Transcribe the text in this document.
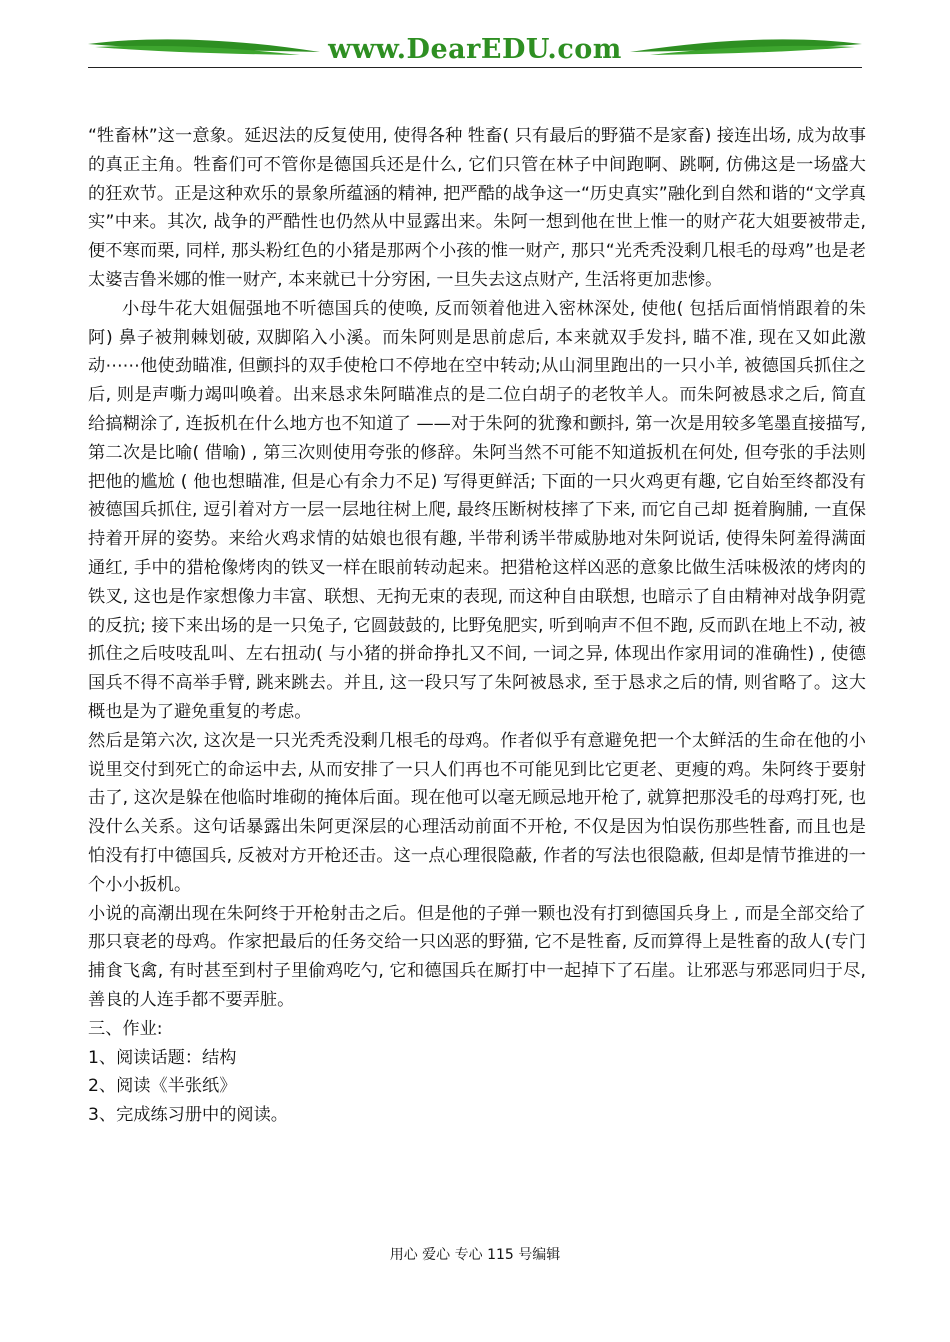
www.DearEDU.com

“牲畜林”这一意象。延迟法的反复使用, 使得各种 牲畜( 只有最后的野猫不是家畜) 接连出场, 成为故事的真正主角。牲畜们可不管你是德国兵还是什么, 它们只管在林子中间跑啊、跳啊, 仿佛这是一场盛大的狂欢节。正是这种欢乐的景象所蕴涵的精神, 把严酷的战争这一“历史真实”融化到自然和谐的“文学真实”中来。其次, 战争的严酷性也仍然从中显露出来。朱阿一想到他在世上惟一的财产花大姐要被带走, 便不寒而栗, 同样, 那头粉红色的小猪是那两个小孩的惟一财产, 那只“光秃秃没剩几根毛的母鸡”也是老太婆吉鲁米娜的惟一财产, 本来就已十分穷困, 一旦失去这点财产, 生活将更加悲惨。

小母牛花大姐倔强地不听德国兵的使唤, 反而领着他进入密林深处, 使他( 包括后面悄悄跟着的朱阿) 鼻子被荆棘划破, 双脚陷入小溪。而朱阿则是思前虑后, 本来就双手发抖, 瞄不准, 现在又如此激动⋯⋯他使劲瞄准, 但颤抖的双手使枪口不停地在空中转动;从山洞里跑出的一只小羊, 被德国兵抓住之后, 则是声嘶力竭叫唤着。出来恳求朱阿瞄准点的是二位白胡子的老牧羊人。而朱阿被恳求之后, 简直给搞糊涂了, 连扳机在什么地方也不知道了 ——对于朱阿的犹豫和颤抖, 第一次是用较多笔墨直接描写, 第二次是比喻( 借喻) , 第三次则使用夸张的修辞。朱阿当然不可能不知道扳机在何处, 但夸张的手法则把他的尴尬 ( 他也想瞄准, 但是心有余力不足) 写得更鲜活; 下面的一只火鸡更有趣, 它自始至终都没有被德国兵抓住, 逗引着对方一层一层地往树上爬, 最终压断树枝摔了下来, 而它自己却 挺着胸脯, 一直保持着开屏的姿势。来给火鸡求情的姑娘也很有趣, 半带利诱半带威胁地对朱阿说话, 使得朱阿羞得满面通红, 手中的猎枪像烤肉的铁叉一样在眼前转动起来。把猎枪这样凶恶的意象比做生活味极浓的烤肉的铁叉, 这也是作家想像力丰富、联想、无拘无束的表现, 而这种自由联想, 也暗示了自由精神对战争阴霓的反抗; 接下来出场的是一只兔子, 它圆鼓鼓的, 比野兔肥实, 听到响声不但不跑, 反而趴在地上不动, 被抓住之后吱吱乱叫、左右扭动( 与小猪的拼命挣扎又不间, 一词之异, 体现出作家用词的准确性) , 使德国兵不得不高举手臂, 跳来跳去。并且, 这一段只写了朱阿被恳求, 至于恳求之后的情, 则省略了。这大概也是为了避免重复的考虑。

然后是第六次, 这次是一只光秃秃没剩几根毛的母鸡。作者似乎有意避免把一个太鲜活的生命在他的小说里交付到死亡的命运中去, 从而安排了一只人们再也不可能见到比它更老、更瘦的鸡。朱阿终于要射击了, 这次是躲在他临时堆砌的掩体后面。现在他可以毫无顾忌地开枪了, 就算把那没毛的母鸡打死, 也没什么关系。这句话暴露出朱阿更深层的心理活动前面不开枪, 不仅是因为怕误伤那些牲畜, 而且也是怕没有打中德国兵, 反被对方开枪还击。这一点心理很隐蔽, 作者的写法也很隐蔽, 但却是情节推进的一个小小扳机。

小说的高潮出现在朱阿终于开枪射击之后。但是他的子弹一颗也没有打到德国兵身上 , 而是全部交给了那只衰老的母鸡。作家把最后的任务交给一只凶恶的野猫, 它不是牲畜, 反而算得上是牲畜的敌人(专门捕食飞禽, 有时甚至到村子里偷鸡吃勺, 它和德国兵在厮打中一起掉下了石崖。让邪恶与邪恶同归于尽, 善良的人连手都不要弄脏。

三、作业:

1、阅读话题：结构

2、阅读《半张纸》

3、完成练习册中的阅读。

用心 爱心 专心 115 号编辑
